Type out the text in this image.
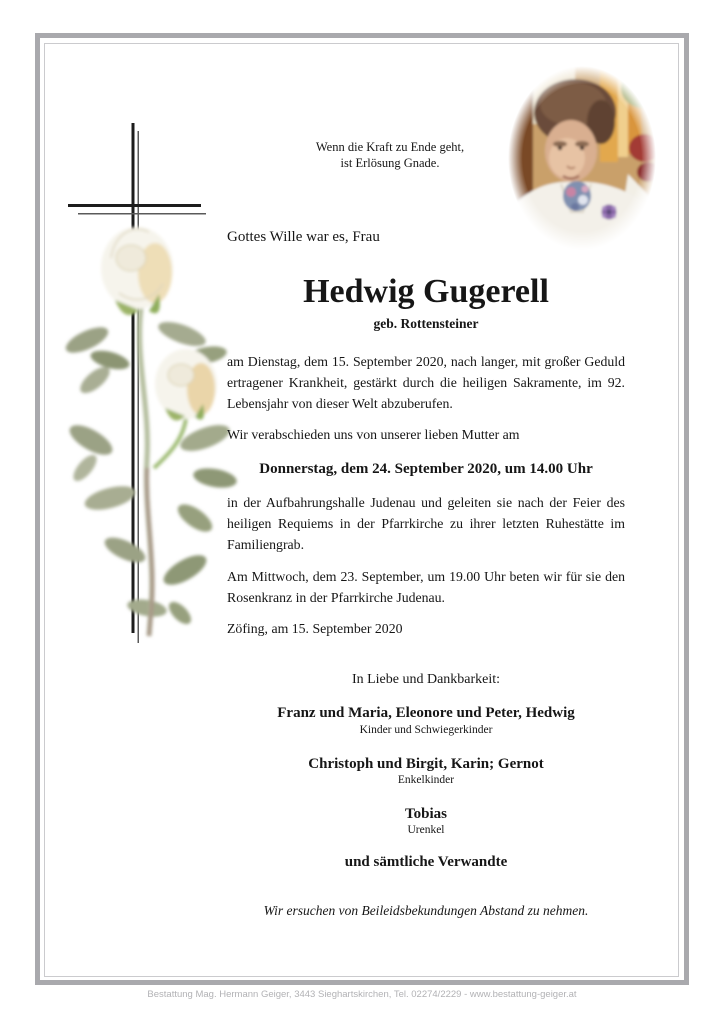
Wenn die Kraft zu Ende geht,
ist Erlösung Gnade.
Gottes Wille war es, Frau
Hedwig Gugerell
geb. Rottensteiner
am Dienstag, dem 15. September 2020, nach langer, mit großer Geduld ertragener Krankheit, gestärkt durch die heiligen Sakramente, im 92. Lebensjahr von dieser Welt abzuberufen.
Wir verabschieden uns von unserer lieben Mutter am
Donnerstag, dem 24. September 2020, um 14.00 Uhr
in der Aufbahrungshalle Judenau und geleiten sie nach der Feier des heiligen Requiems in der Pfarrkirche zu ihrer letzten Ruhestätte im Familiengrab.
Am Mittwoch, dem 23. September, um 19.00 Uhr beten wir für sie den Rosenkranz in der Pfarrkirche Judenau.
Zöfing, am 15. September 2020
In Liebe und Dankbarkeit:
Franz und Maria, Eleonore und Peter, Hedwig
Kinder und Schwiegerkinder
Christoph und Birgit, Karin; Gernot
Enkelkinder
Tobias
Urenkel
und sämtliche Verwandte
Wir ersuchen von Beileidsbekundungen Abstand zu nehmen.
Bestattung Mag. Hermann Geiger, 3443 Sieghartskirchen, Tel. 02274/2229 - www.bestattung-geiger.at
